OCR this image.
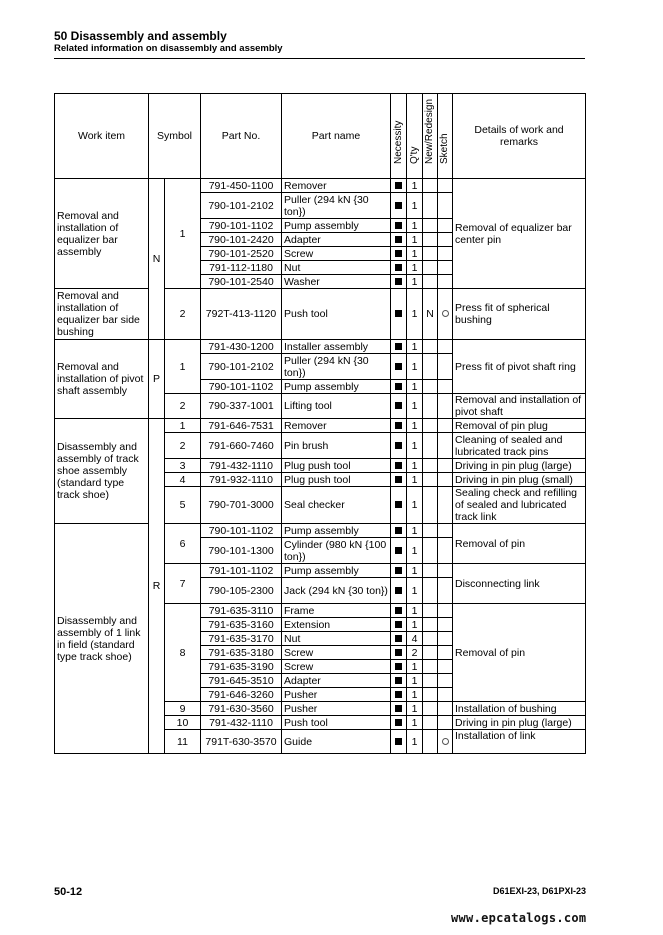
50 Disassembly and assembly
Related information on disassembly and assembly
Work item	Symbol		Part No.	Part name	Necessity	Q'ty	New/Redesign	Sketch	Details of work and remarks
Removal and installation of equalizer bar assembly	N	1	791-450-1100	Remover		1			Removal of equalizer bar center pin
			790-101-2102	Puller (294 kN {30 ton})		1			
			790-101-1102	Pump assembly		1			
			790-101-2420	Adapter		1			
			790-101-2520	Screw		1			
			791-112-1180	Nut		1			
			790-101-2540	Washer		1			
Removal and installation of equalizer bar side bushing		2	792T-413-1120	Push tool		1	N		Press fit of spherical bushing
Removal and installation of pivot shaft assembly	P	1	791-430-1200	Installer assembly		1			Press fit of pivot shaft ring
			790-101-2102	Puller (294 kN {30 ton})		1			
			790-101-1102	Pump assembly		1			
		2	790-337-1001	Lifting tool		1			Removal and installation of pivot shaft
Disassembly and assembly of track shoe assembly (standard type track shoe)	R	1	791-646-7531	Remover		1			Removal of pin plug
		2	791-660-7460	Pin brush		1			Cleaning of sealed and lubricated track pins
		3	791-432-1110	Plug push tool		1			Driving in pin plug (large)
		4	791-932-1110	Plug push tool		1			Driving in pin plug (small)
		5	790-701-3000	Seal checker		1			Sealing check and refilling of sealed and lubricated track link
Disassembly and assembly of 1 link in field (standard type track shoe)		6	790-101-1102	Pump assembly		1			Removal of pin
			790-101-1300	Cylinder (980 kN {100 ton})		1			
		7	791-101-1102	Pump assembly		1			Disconnecting link
			790-105-2300	Jack (294 kN {30 ton})		1			
		8	791-635-3110	Frame		1			Removal of pin
			791-635-3160	Extension		1			
			791-635-3170	Nut		4			
			791-635-3180	Screw		2			
			791-635-3190	Screw		1			
			791-645-3510	Adapter		1			
			791-646-3260	Pusher		1			
		9	791-630-3560	Pusher		1			Installation of bushing
		10	791-432-1110	Push tool		1			Driving in pin plug (large)
		11	791T-630-3570	Guide		1			Installation of link
50-12	D61EXI-23, D61PXI-23
www.epcatalogs.com
